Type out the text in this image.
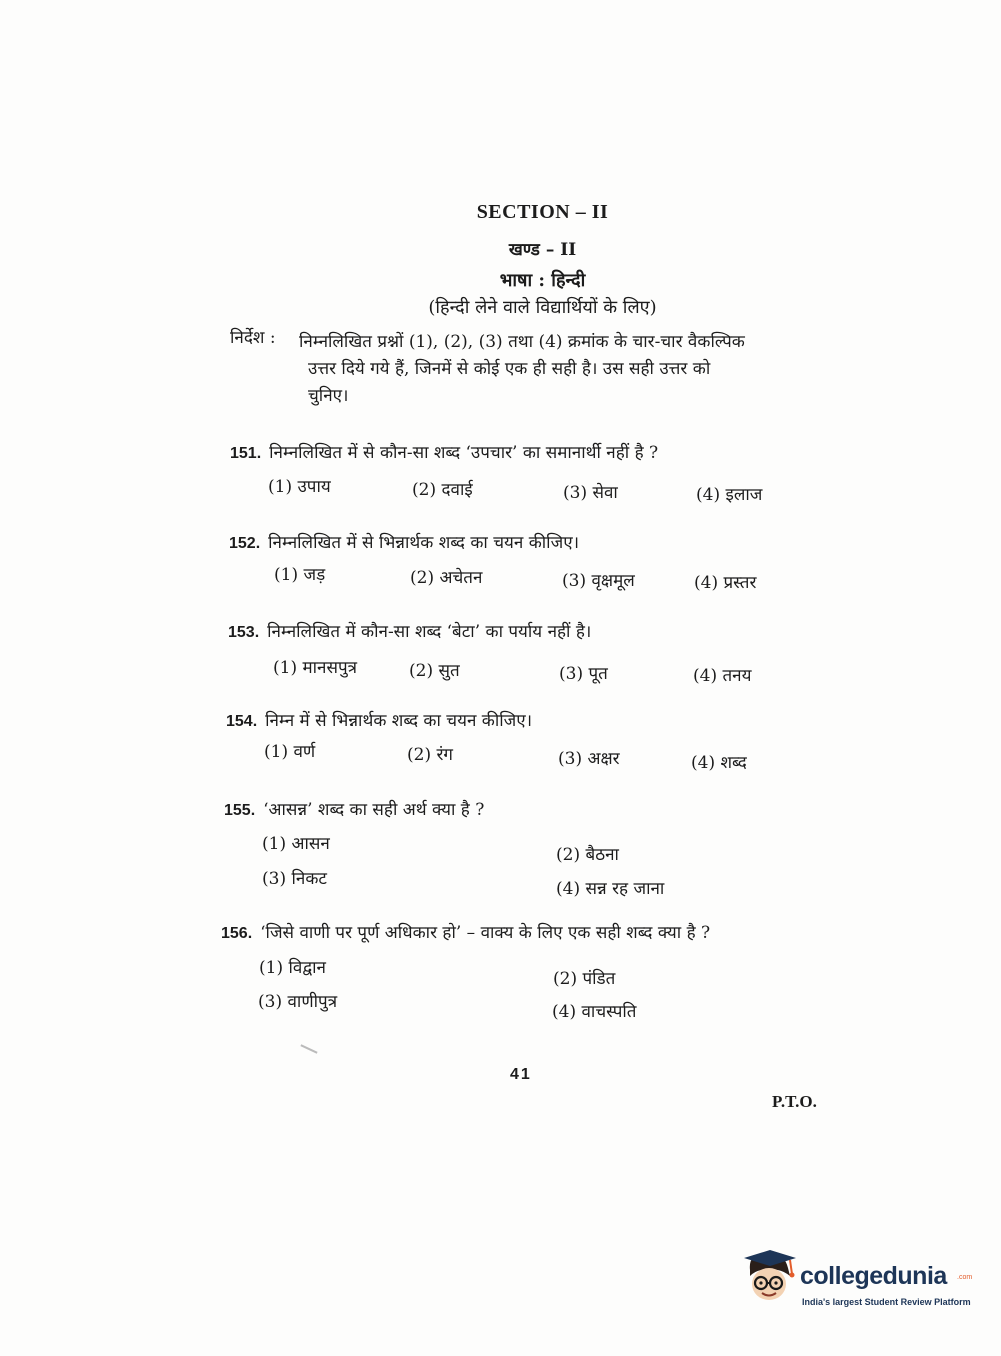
SECTION – II
खण्ड – II
भाषा : हिन्दी
(हिन्दी लेने वाले विद्यार्थियों के लिए)
निर्देश : निम्नलिखित प्रश्नों (1), (2), (3) तथा (4) क्रमांक के चार-चार वैकल्पिक
उत्तर दिये गये हैं, जिनमें से कोई एक ही सही है। उस सही उत्तर को
चुनिए।
151. निम्नलिखित में से कौन-सा शब्द ‘उपचार’ का समानार्थी नहीं है ?
(1) उपाय	(2) दवाई	(3) सेवा	(4) इलाज
152. निम्नलिखित में से भिन्नार्थक शब्द का चयन कीजिए।
(1) जड़	(2) अचेतन	(3) वृक्षमूल	(4) प्रस्तर
153. निम्नलिखित में कौन-सा शब्द ‘बेटा’ का पर्याय नहीं है।
(1) मानसपुत्र	(2) सुत	(3) पूत	(4) तनय
154. निम्न में से भिन्नार्थक शब्द का चयन कीजिए।
(1) वर्ण	(2) रंग	(3) अक्षर	(4) शब्द
155. ‘आसन्न’ शब्द का सही अर्थ क्या है ?
(1) आसन
(2) बैठना
(3) निकट	(4) सन्न रह जाना
156. ‘जिसे वाणी पर पूर्ण अधिकार हो’ – वाक्य के लिए एक सही शब्द क्या है ?
(1) विद्वान
(2) पंडित
(3) वाणीपुत्र	(4) वाचस्पति
41
P.T.O.
collegedunia .com
India's largest Student Review Platform
